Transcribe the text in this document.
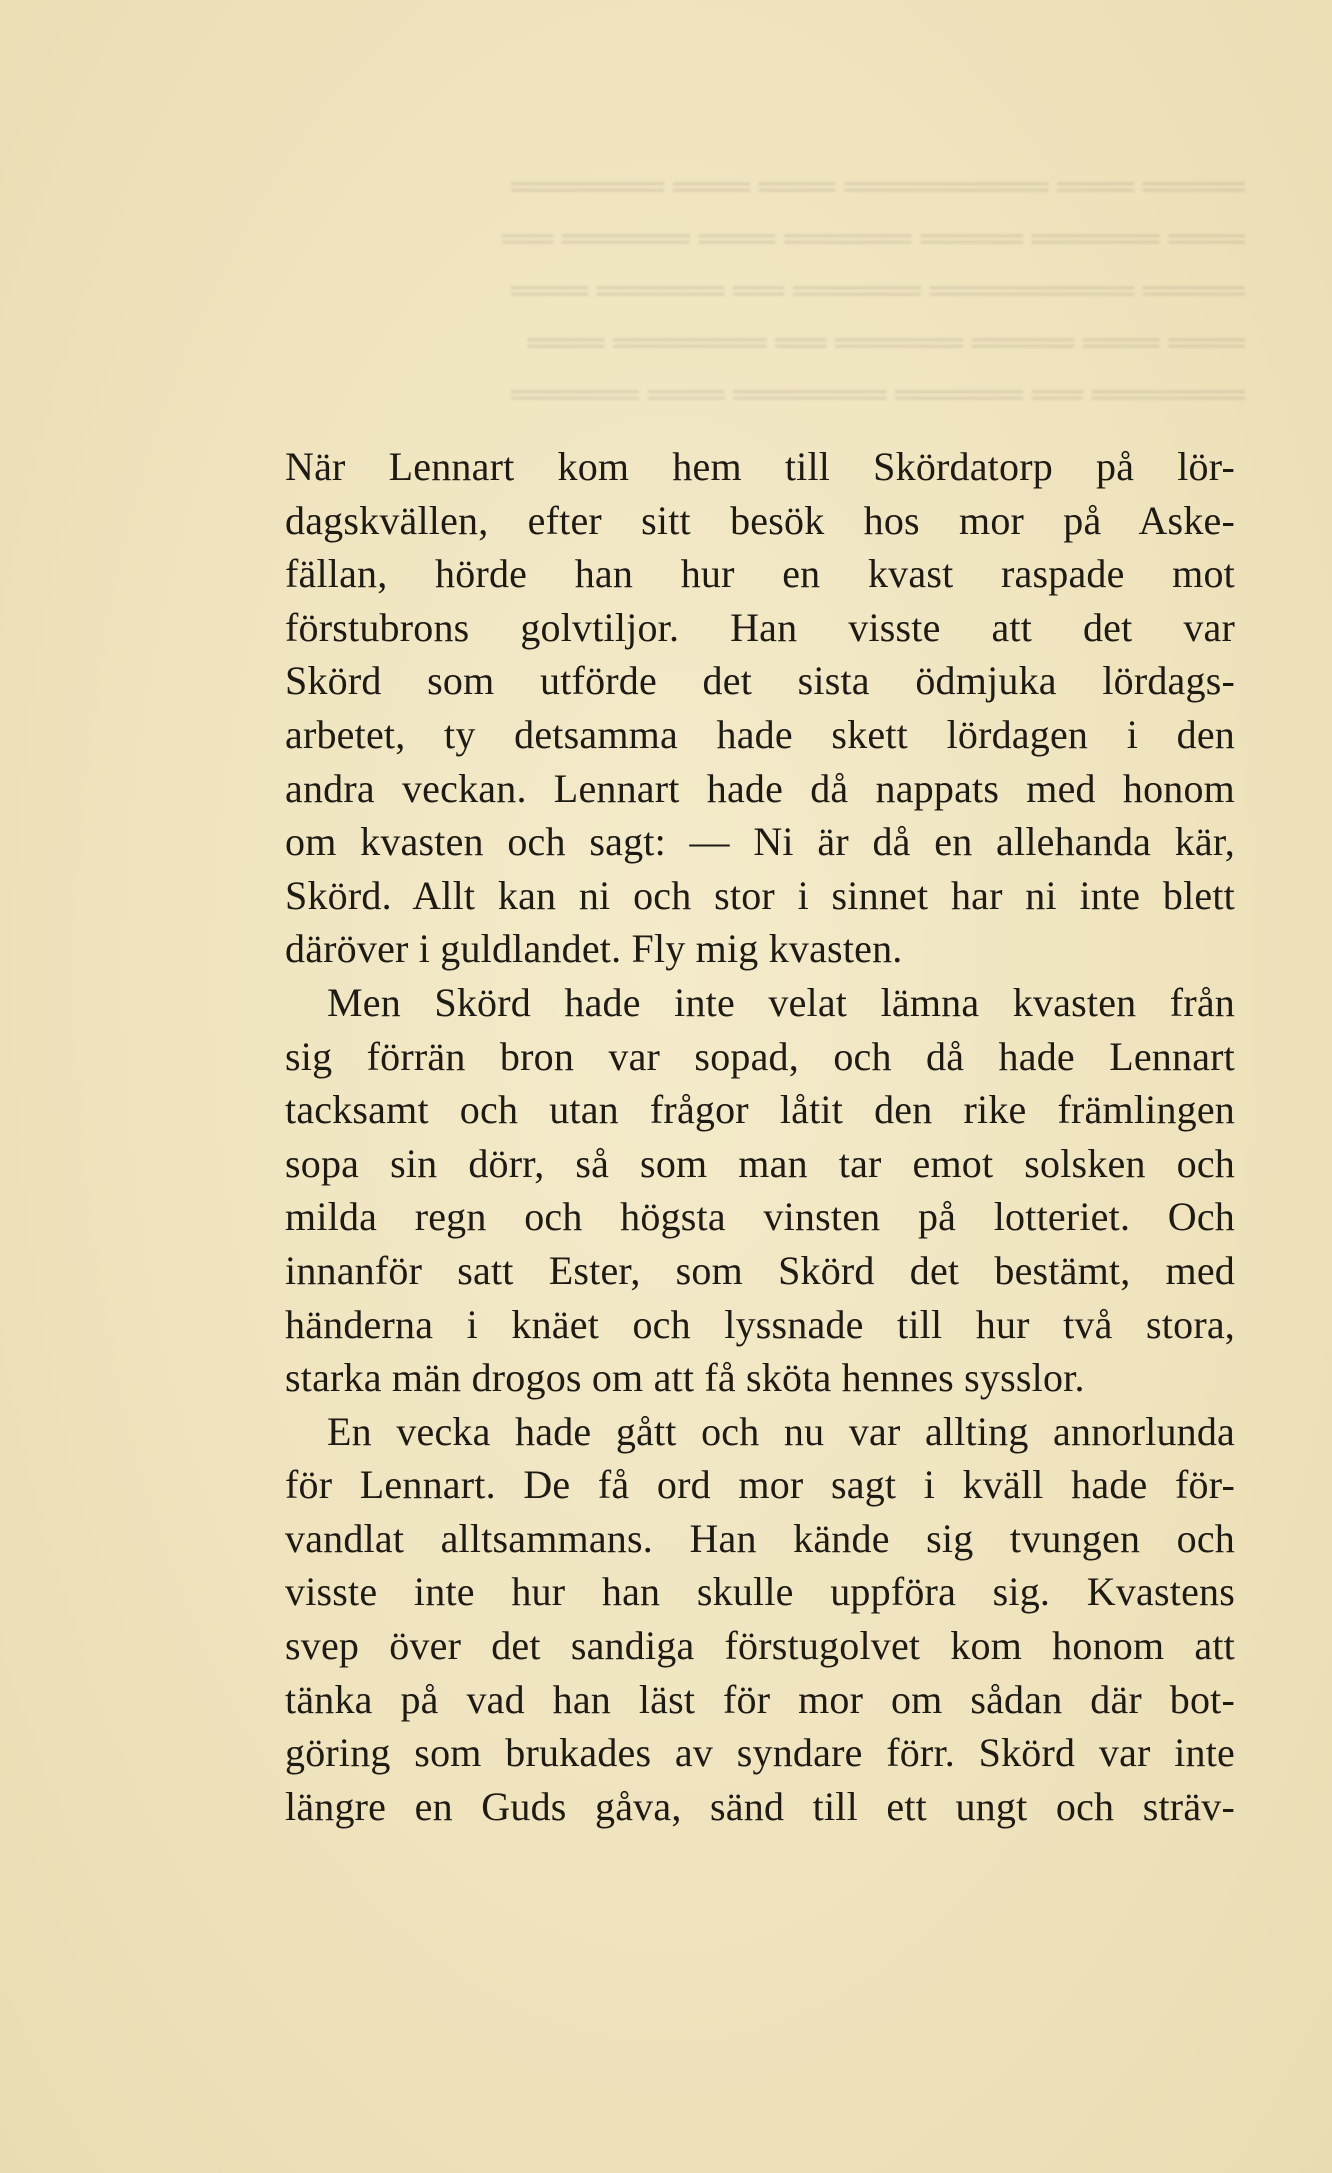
════ ═══ ════════ ═══ ═══ ══════
═══ ═════ ════ ═════ ═══ ═════ ══
════ ════════ ═════ ══ ═════ ═══
═══ ═══ ════ ═════ ══ ══════ ═══
══════ ══ ═════ ══════ ═══ ═════
När Lennart kom hem till Skördatorp på lör-
dagskvällen, efter sitt besök hos mor på Aske-
fällan, hörde han hur en kvast raspade mot
förstubrons golvtiljor. Han visste att det var
Skörd som utförde det sista ödmjuka lördags-
arbetet, ty detsamma hade skett lördagen i den
andra veckan. Lennart hade då nappats med honom
om kvasten och sagt: — Ni är då en allehanda kär,
Skörd. Allt kan ni och stor i sinnet har ni inte blett
däröver i guldlandet. Fly mig kvasten.
Men Skörd hade inte velat lämna kvasten från
sig förrän bron var sopad, och då hade Lennart
tacksamt och utan frågor låtit den rike främlingen
sopa sin dörr, så som man tar emot solsken och
milda regn och högsta vinsten på lotteriet. Och
innanför satt Ester, som Skörd det bestämt, med
händerna i knäet och lyssnade till hur två stora,
starka män drogos om att få sköta hennes sysslor.
En vecka hade gått och nu var allting annorlunda
för Lennart. De få ord mor sagt i kväll hade för-
vandlat alltsammans. Han kände sig tvungen och
visste inte hur han skulle uppföra sig. Kvastens
svep över det sandiga förstugolvet kom honom att
tänka på vad han läst för mor om sådan där bot-
göring som brukades av syndare förr. Skörd var inte
längre en Guds gåva, sänd till ett ungt och sträv-
